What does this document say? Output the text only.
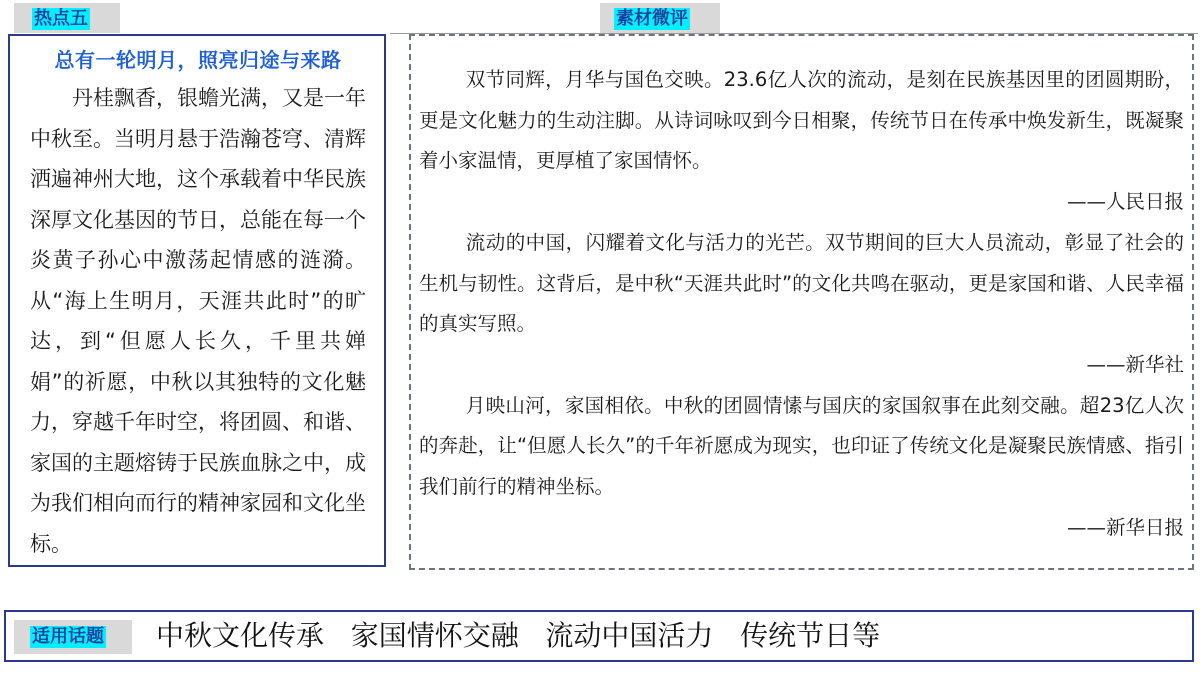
热点五	素材微评

总有一轮明月，照亮归途与来路

丹桂飘香，银蟾光满，又是一年中秋至。当明月悬于浩瀚苍穹、清辉洒遍神州大地，这个承载着中华民族深厚文化基因的节日，总能在每一个炎黄子孙心中激荡起情感的涟漪。从“海上生明月，天涯共此时”的旷达，到“但愿人长久，千里共婵娟”的祈愿，中秋以其独特的文化魅力，穿越千年时空，将团圆、和谐、家国的主题熔铸于民族血脉之中，成为我们相向而行的精神家园和文化坐标。

双节同辉，月华与国色交映。23.6亿人次的流动，是刻在民族基因里的团圆期盼，更是文化魅力的生动注脚。从诗词咏叹到今日相聚，传统节日在传承中焕发新生，既凝聚着小家温情，更厚植了家国情怀。

——人民日报

流动的中国，闪耀着文化与活力的光芒。双节期间的巨大人员流动，彰显了社会的生机与韧性。这背后，是中秋“天涯共此时”的文化共鸣在驱动，更是家国和谐、人民幸福的真实写照。

——新华社

月映山河，家国相依。中秋的团圆情愫与国庆的家国叙事在此刻交融。超23亿人次的奔赴，让“但愿人长久”的千年祈愿成为现实，也印证了传统文化是凝聚民族情感、指引我们前行的精神坐标。

——新华日报

适用话题 中秋文化传承   家国情怀交融   流动中国活力   传统节日等
